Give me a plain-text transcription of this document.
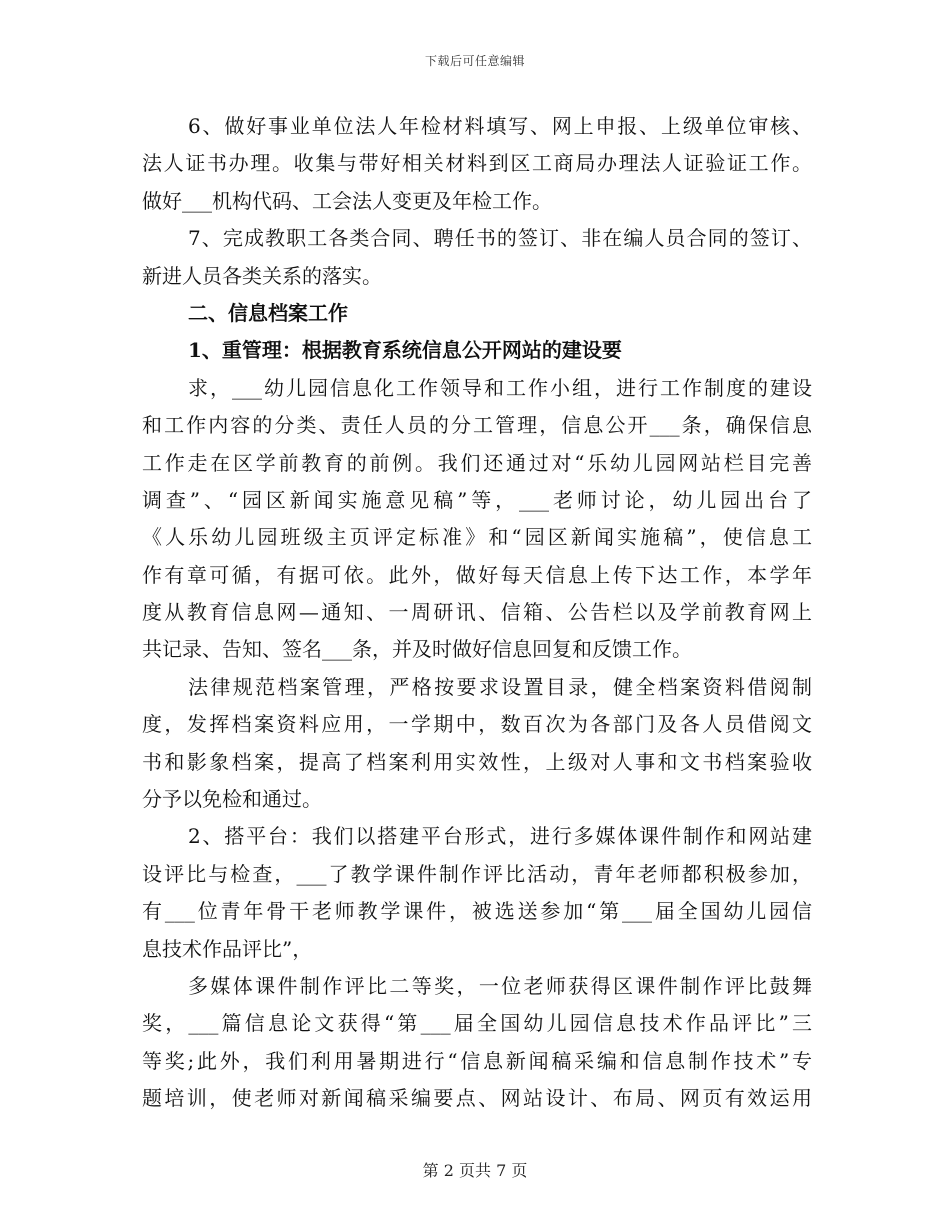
下载后可任意编辑
6、做好事业单位法人年检材料填写、网上申报、上级单位审核、
法人证书办理。收集与带好相关材料到区工商局办理法人证验证工作。
做好___机构代码、工会法人变更及年检工作。
7、完成教职工各类合同、聘任书的签订、非在编人员合同的签订、
新进人员各类关系的落实。
二、信息档案工作
1、重管理：根据教育系统信息公开网站的建设要
求，___幼儿园信息化工作领导和工作小组，进行工作制度的建设
和工作内容的分类、责任人员的分工管理，信息公开___条，确保信息
工作走在区学前教育的前例。我们还通过对“乐幼儿园网站栏目完善
调查”、“园区新闻实施意见稿”等，___老师讨论，幼儿园出台了
《人乐幼儿园班级主页评定标准》和“园区新闻实施稿”，使信息工
作有章可循，有据可依。此外，做好每天信息上传下达工作，本学年
度从教育信息网—通知、一周研讯、信箱、公告栏以及学前教育网上
共记录、告知、签名___条，并及时做好信息回复和反馈工作。
法律规范档案管理，严格按要求设置目录，健全档案资料借阅制
度，发挥档案资料应用，一学期中，数百次为各部门及各人员借阅文
书和影象档案，提高了档案利用实效性，上级对人事和文书档案验收
分予以免检和通过。
2、搭平台：我们以搭建平台形式，进行多媒体课件制作和网站建
设评比与检查，___了教学课件制作评比活动，青年老师都积极参加，
有___位青年骨干老师教学课件，被选送参加“第___届全国幼儿园信
息技术作品评比”，
多媒体课件制作评比二等奖，一位老师获得区课件制作评比鼓舞
奖，___篇信息论文获得“第___届全国幼儿园信息技术作品评比”三
等奖;此外，我们利用暑期进行“信息新闻稿采编和信息制作技术”专
题培训，使老师对新闻稿采编要点、网站设计、布局、网页有效运用
第 2 页共 7 页
